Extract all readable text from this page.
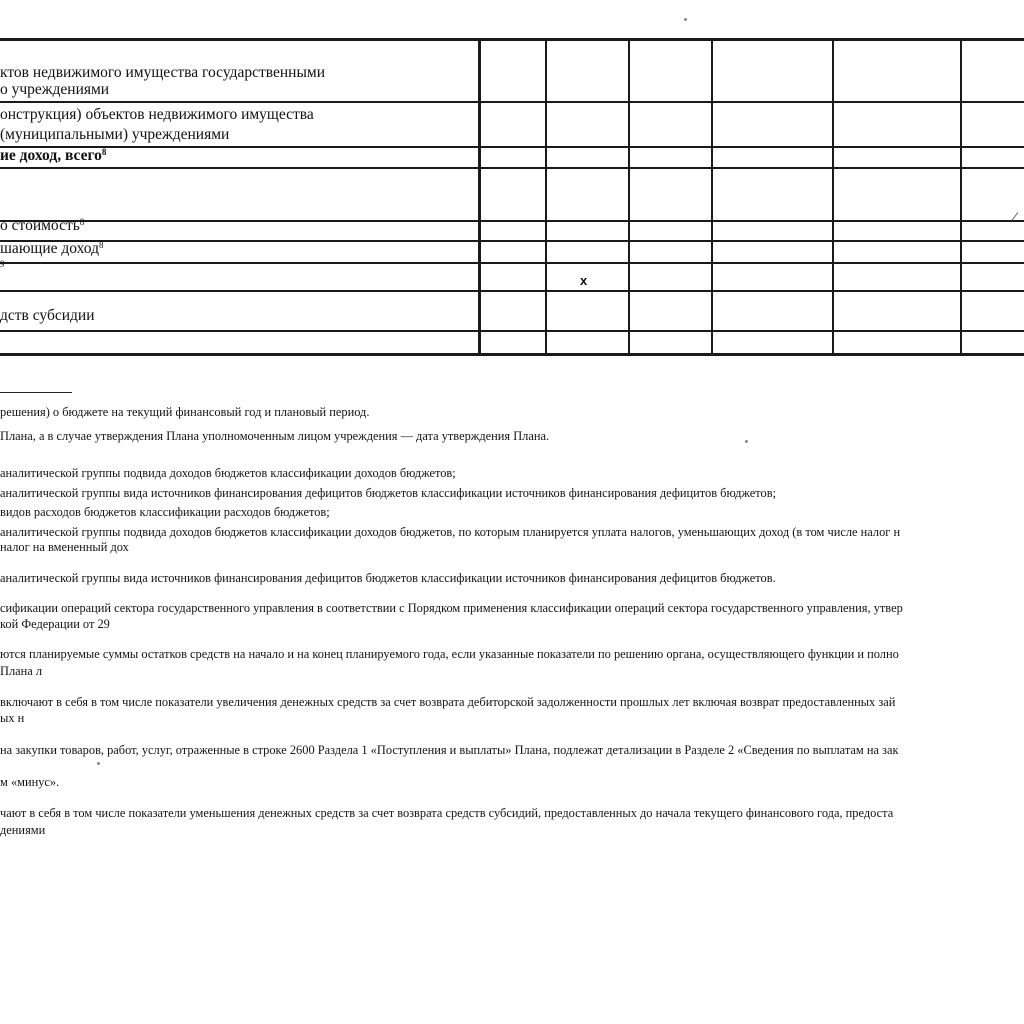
ктов недвижимого имущества государственными
о учреждениями
онструкция) объектов недвижимого имущества
(муниципальными) учреждениями
ие доход, всего$^8$
о стоимость$^8$
шающие доход$^8$
$^9$
дств субсидии
x
/
решения) о бюджете на текущий финансовый год и плановый период.
Плана, а в случае утверждения Плана уполномоченным лицом учреждения — дата утверждения Плана.
аналитической группы подвида доходов бюджетов классификации доходов бюджетов;
аналитической группы вида источников финансирования дефицитов бюджетов классификации источников финансирования дефицитов бюджетов;
видов расходов бюджетов классификации расходов бюджетов;
аналитической группы подвида доходов бюджетов классификации доходов бюджетов, по которым планируется уплата налогов, уменьшающих доход (в том числе налог н
налог на вмененный дох
аналитической группы вида источников финансирования дефицитов бюджетов классификации источников финансирования дефицитов бюджетов.
сификации операций сектора государственного управления в соответствии с Порядком применения классификации операций сектора государственного управления, утвер
кой Федерации от 29
ются планируемые суммы остатков средств на начало и на конец планируемого года, если указанные показатели по решению органа, осуществляющего функции и полно
Плана л
включают в себя в том числе показатели увеличения денежных средств за счет возврата дебиторской задолженности прошлых лет включая возврат предоставленных зай
ых н
на закупки товаров, работ, услуг, отраженные в строке 2600 Раздела 1 «Поступления и выплаты» Плана, подлежат детализации в Разделе 2 «Сведения по выплатам на зак
м «минус».
чают в себя в том числе показатели уменьшения денежных средств за счет возврата средств субсидий, предоставленных до начала текущего финансового года, предоста
дениями
